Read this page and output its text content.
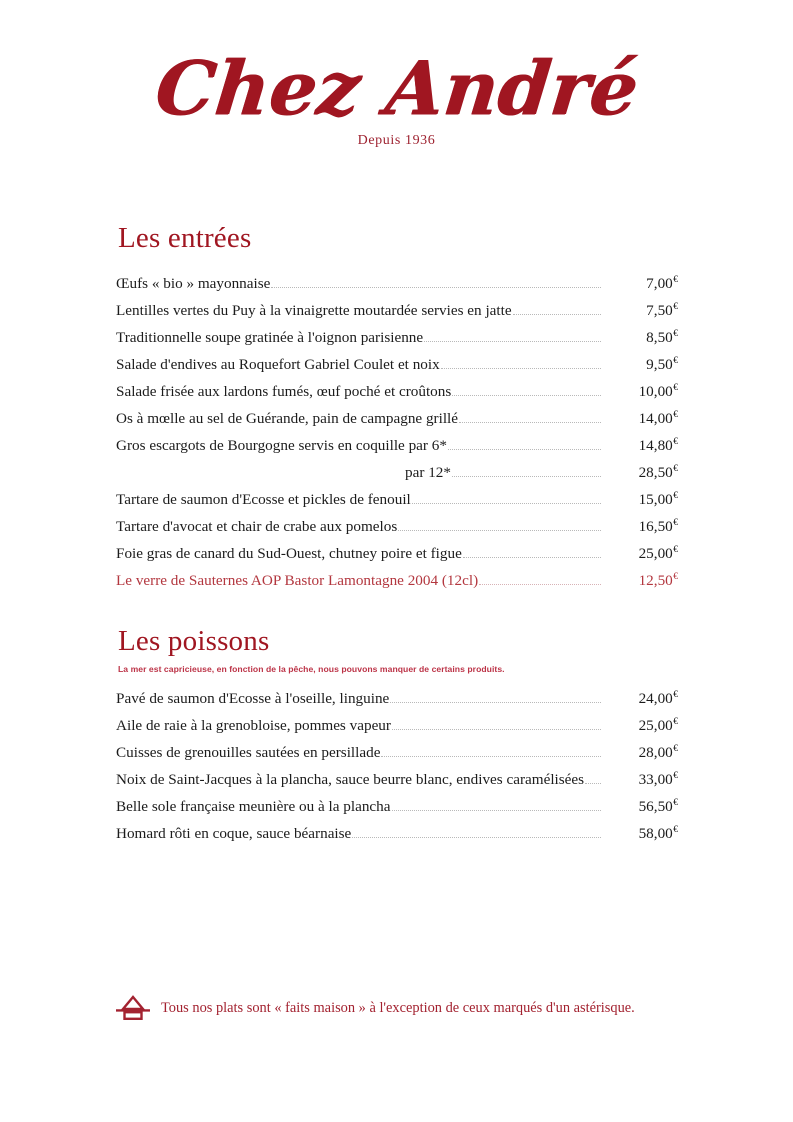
Chez André
Depuis 1936
Les entrées
Œufs « bio » mayonnaise	7,00€
Lentilles vertes du Puy à la vinaigrette moutardée servies en jatte	7,50€
Traditionnelle soupe gratinée à l'oignon parisienne	8,50€
Salade d'endives au Roquefort Gabriel Coulet et noix	9,50€
Salade frisée aux lardons fumés, œuf poché et croûtons	10,00€
Os à mœlle au sel de Guérande, pain de campagne grillé	14,00€
Gros escargots de Bourgogne servis en coquille par 6*	14,80€
par 12*	28,50€
Tartare de saumon d'Ecosse et pickles de fenouil	15,00€
Tartare d'avocat et chair de crabe aux pomelos	16,50€
Foie gras de canard du Sud-Ouest, chutney poire et figue	25,00€
Le verre de Sauternes AOP Bastor Lamontagne 2004 (12cl)	12,50€
Les poissons

La mer est capricieuse, en fonction de la pêche, nous pouvons manquer de certains produits.

Pavé de saumon d'Ecosse à l'oseille, linguine	24,00€
Aile de raie à la grenobloise, pommes vapeur	25,00€
Cuisses de grenouilles sautées en persillade	28,00€
Noix de Saint-Jacques à la plancha, sauce beurre blanc, endives caramélisées	33,00€
Belle sole française meunière ou à la plancha	56,50€
Homard rôti en coque, sauce béarnaise	58,00€
Tous nos plats sont « faits maison » à l'exception de ceux marqués d'un astérisque.
